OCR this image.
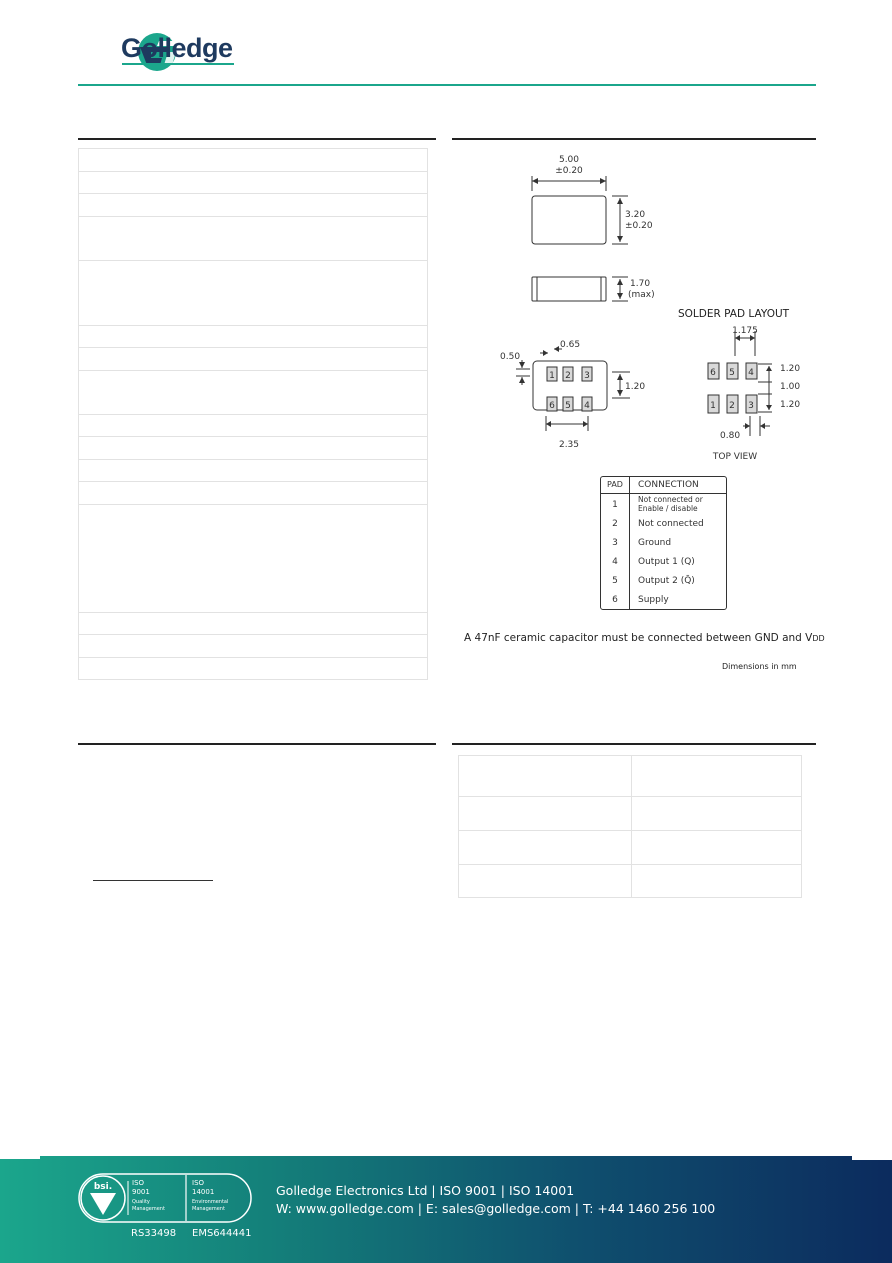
Golledge
5.00
±0.20
3.20
±0.20
1.70
(max)
SOLDER PAD LAYOUT
0.50
0.65
1.20
2.35
1.175
1.20
1.00
1.20
0.80
TOP VIEW
1 2 3
6 5 4
6 5 4
1 2 3
PAD	CONNECTION
1
Not connected or
Enable / disable
2	Not connected
3	Ground
4	Output 1 (Q)
5	Output 2 (Q̄)
6	Supply
A 47nF ceramic capacitor must be connected between GND and VDD
Dimensions in mm
bsi.	ISO
9001
Quality
Management
ISO
14001
Environmental
Management
RS33498 EMS644441
Golledge Electronics Ltd | ISO 9001 | ISO 14001
W: www.golledge.com | E: sales@golledge.com | T: +44 1460 256 100
